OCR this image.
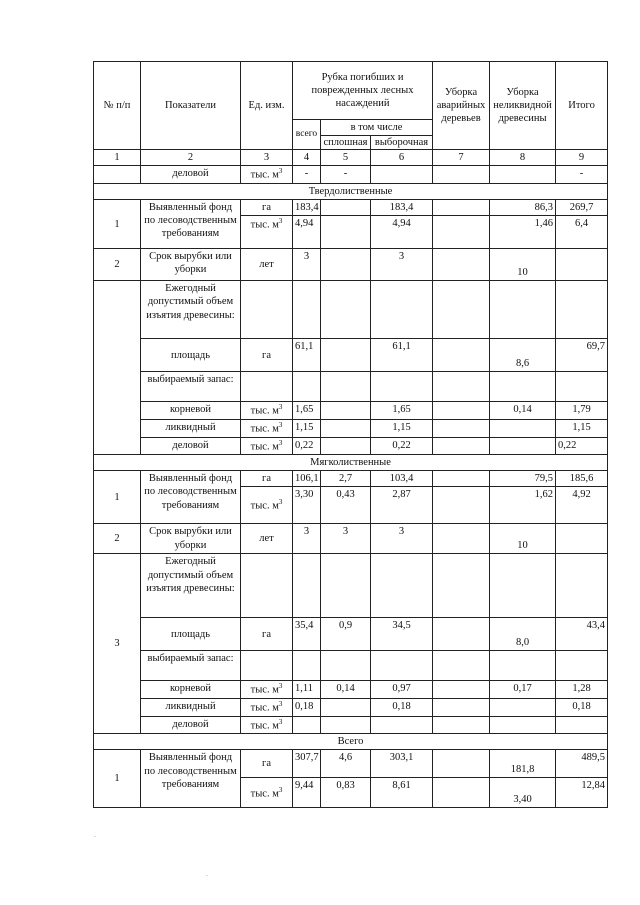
№ п/п	Показатели	Ед. изм.	Рубка погибших и поврежденных лесных насаждений			Уборка аварийных деревьев	Уборка неликвидной древесины	Итого
			всего	в том числе				
				сплошная	выборочная			
1	2	3	4	5	6	7	8	9
	деловой	тыс. $м^3$	-	-				-
Твердолиственные								
1	Выявленный фонд по лесоводственным требованиям	га	183,4		183,4		86,3	269,7
		тыс. $м^3$	4,94		4,94		1,46	6,4
2	Срок вырубки или уборки	лет	3		3		10	
	Ежегодный допустимый объем изъятия древесины:							
	площадь	га	61,1		61,1		8,6	69,7
	выбираемый запас:							
	корневой	тыс. $м^3$	1,65		1,65		0,14	1,79
	ликвидный	тыс. $м^3$	1,15		1,15			1,15
	деловой	тыс. $м^3$	0,22		0,22			0,22
Мягколиственные								
1	Выявленный фонд по лесоводственным требованиям	га	106,1	2,7	103,4		79,5	185,6
		тыс. $м^3$	3,30	0,43	2,87		1,62	4,92
2	Срок вырубки или уборки	лет	3	3	3		10	
3	Ежегодный допустимый объем изъятия древесины:							
	площадь	га	35,4	0,9	34,5		8,0	43,4
	выбираемый запас:							
	корневой	тыс. $м^3$	1,11	0,14	0,97		0,17	1,28
	ликвидный	тыс. $м^3$	0,18		0,18			0,18
	деловой	тыс. $м^3$						
Всего								
1	Выявленный фонд по лесоводственным требованиям	га	307,7	4,6	303,1		181,8	489,5
		тыс. $м^3$	9,44	0,83	8,61		3,40	12,84
·
·
